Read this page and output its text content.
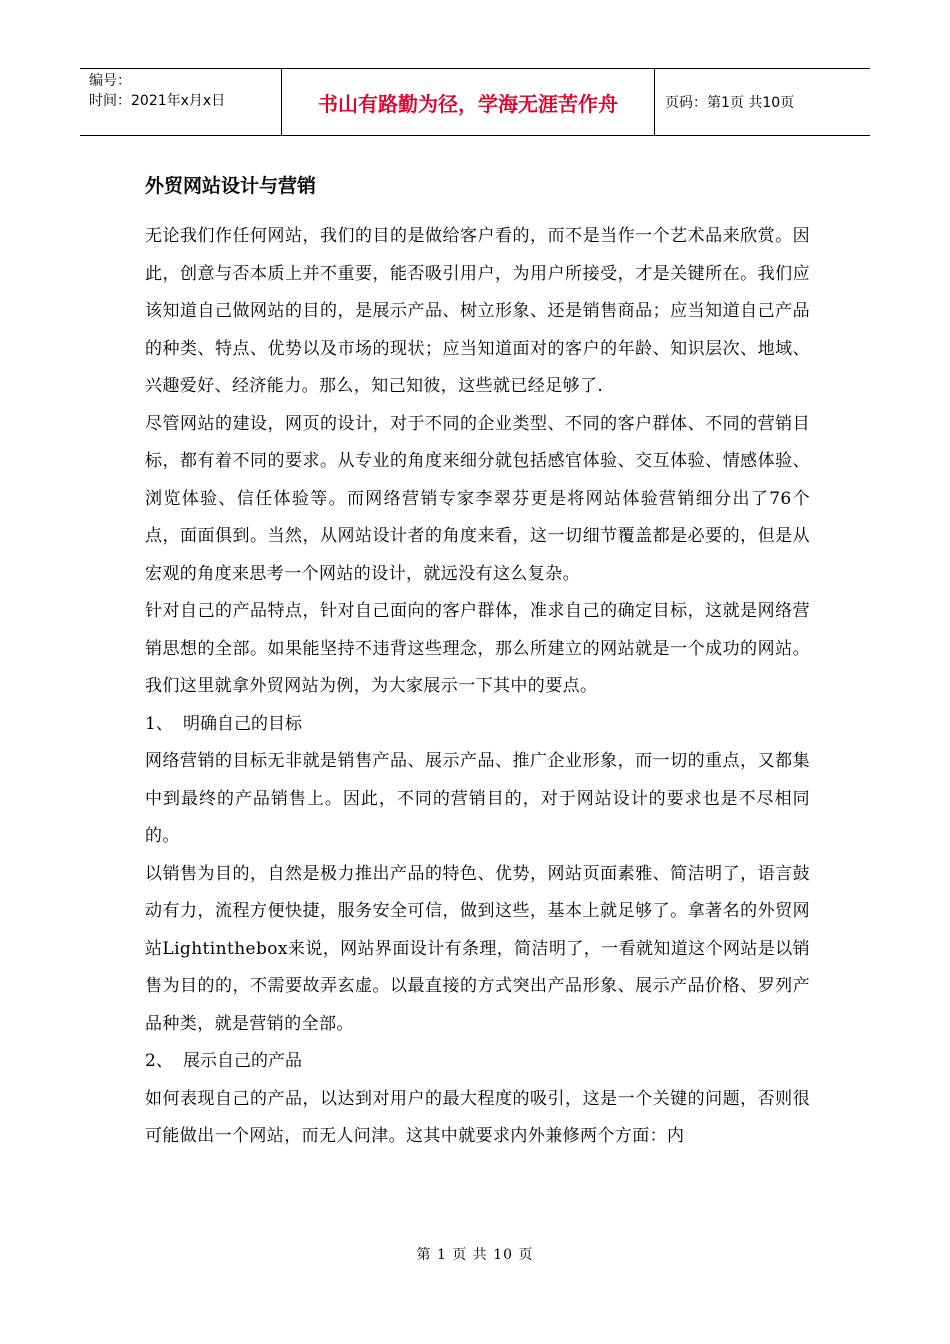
编号：
时间：2021年x月x日	书山有路勤为径，学海无涯苦作舟	页码：第1页 共10页
外贸网站设计与营销

无论我们作任何网站，我们的目的是做给客户看的，而不是当作一个艺术品来欣赏。因此，创意与否本质上并不重要，能否吸引用户，为用户所接受，才是关键所在。我们应该知道自己做网站的目的，是展示产品、树立形象、还是销售商品；应当知道自己产品的种类、特点、优势以及市场的现状；应当知道面对的客户的年龄、知识层次、地域、兴趣爱好、经济能力。那么，知己知彼，这些就已经足够了.

尽管网站的建设，网页的设计，对于不同的企业类型、不同的客户群体、不同的营销目标，都有着不同的要求。从专业的角度来细分就包括感官体验、交互体验、情感体验、浏览体验、信任体验等。而网络营销专家李翠芬更是将网站体验营销细分出了76个点，面面俱到。当然，从网站设计者的角度来看，这一切细节覆盖都是必要的，但是从宏观的角度来思考一个网站的设计，就远没有这么复杂。

针对自己的产品特点，针对自己面向的客户群体，准求自己的确定目标，这就是网络营销思想的全部。如果能坚持不违背这些理念，那么所建立的网站就是一个成功的网站。我们这里就拿外贸网站为例，为大家展示一下其中的要点。

1、 明确自己的目标

网络营销的目标无非就是销售产品、展示产品、推广企业形象，而一切的重点，又都集中到最终的产品销售上。因此，不同的营销目的，对于网站设计的要求也是不尽相同的。

以销售为目的，自然是极力推出产品的特色、优势，网站页面素雅、简洁明了，语言鼓动有力，流程方便快捷，服务安全可信，做到这些，基本上就足够了。拿著名的外贸网站Lightinthebox来说，网站界面设计有条理，简洁明了，一看就知道这个网站是以销售为目的的，不需要故弄玄虚。以最直接的方式突出产品形象、展示产品价格、罗列产品种类，就是营销的全部。

2、 展示自己的产品

如何表现自己的产品，以达到对用户的最大程度的吸引，这是一个关键的问题，否则很可能做出一个网站，而无人问津。这其中就要求内外兼修两个方面：内

第 1 页 共 10 页
